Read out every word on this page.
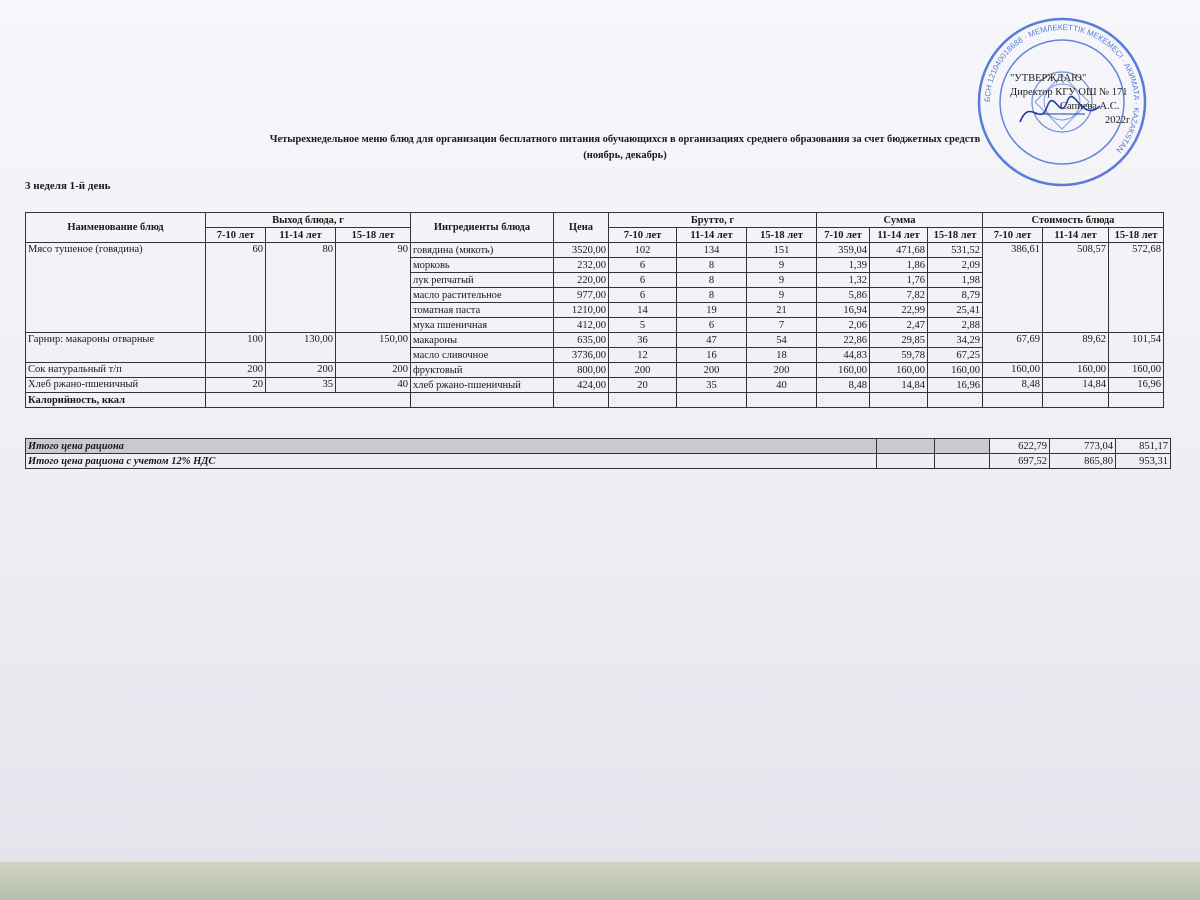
БСН 121040018688 · МЕМЛЕКЕТТІК МЕКЕМЕСІ · АКИМАТА · KAZAKSTAN
"УТВЕРЖДАЮ"
Директор КГУ ОШ № 171
Сапиева А.С.
2022г
Четырехнедельное меню блюд для организации бесплатного питания обучающихся в организациях среднего образования за счет бюджетных средств
(ноябрь, декабрь)
3 неделя 1-й день
Наименование блюд	Выход блюда, г			Ингредиенты блюда	Цена	Брутто, г			Сумма			Стоимость блюда		
	7-10 лет	11-14 лет	15-18 лет			7-10 лет	11-14 лет	15-18 лет	7-10 лет	11-14 лет	15-18 лет	7-10 лет	11-14 лет	15-18 лет
Мясо тушеное (говядина)	60	80	90	говядина (мякоть)	3520,00	102	134	151	359,04	471,68	531,52	386,61	508,57	572,68
				морковь	232,00	6	8	9	1,39	1,86	2,09			
				лук репчатый	220,00	6	8	9	1,32	1,76	1,98			
				масло растительное	977,00	6	8	9	5,86	7,82	8,79			
				томатная паста	1210,00	14	19	21	16,94	22,99	25,41			
				мука пшеничная	412,00	5	6	7	2,06	2,47	2,88			
Гарнир: макароны отварные	100	130,00	150,00	макароны	635,00	36	47	54	22,86	29,85	34,29	67,69	89,62	101,54
				масло сливочное	3736,00	12	16	18	44,83	59,78	67,25			
Сок натуральный т/п	200	200	200	фруктовый	800,00	200	200	200	160,00	160,00	160,00	160,00	160,00	160,00
Хлеб ржано-пшеничный	20	35	40	хлеб ржано-пшеничный	424,00	20	35	40	8,48	14,84	16,96	8,48	14,84	16,96
Калорийность, ккал														
Итого цена рациона			622,79	773,04	851,17
Итого цена рациона с учетом 12% НДС			697,52	865,80	953,31
